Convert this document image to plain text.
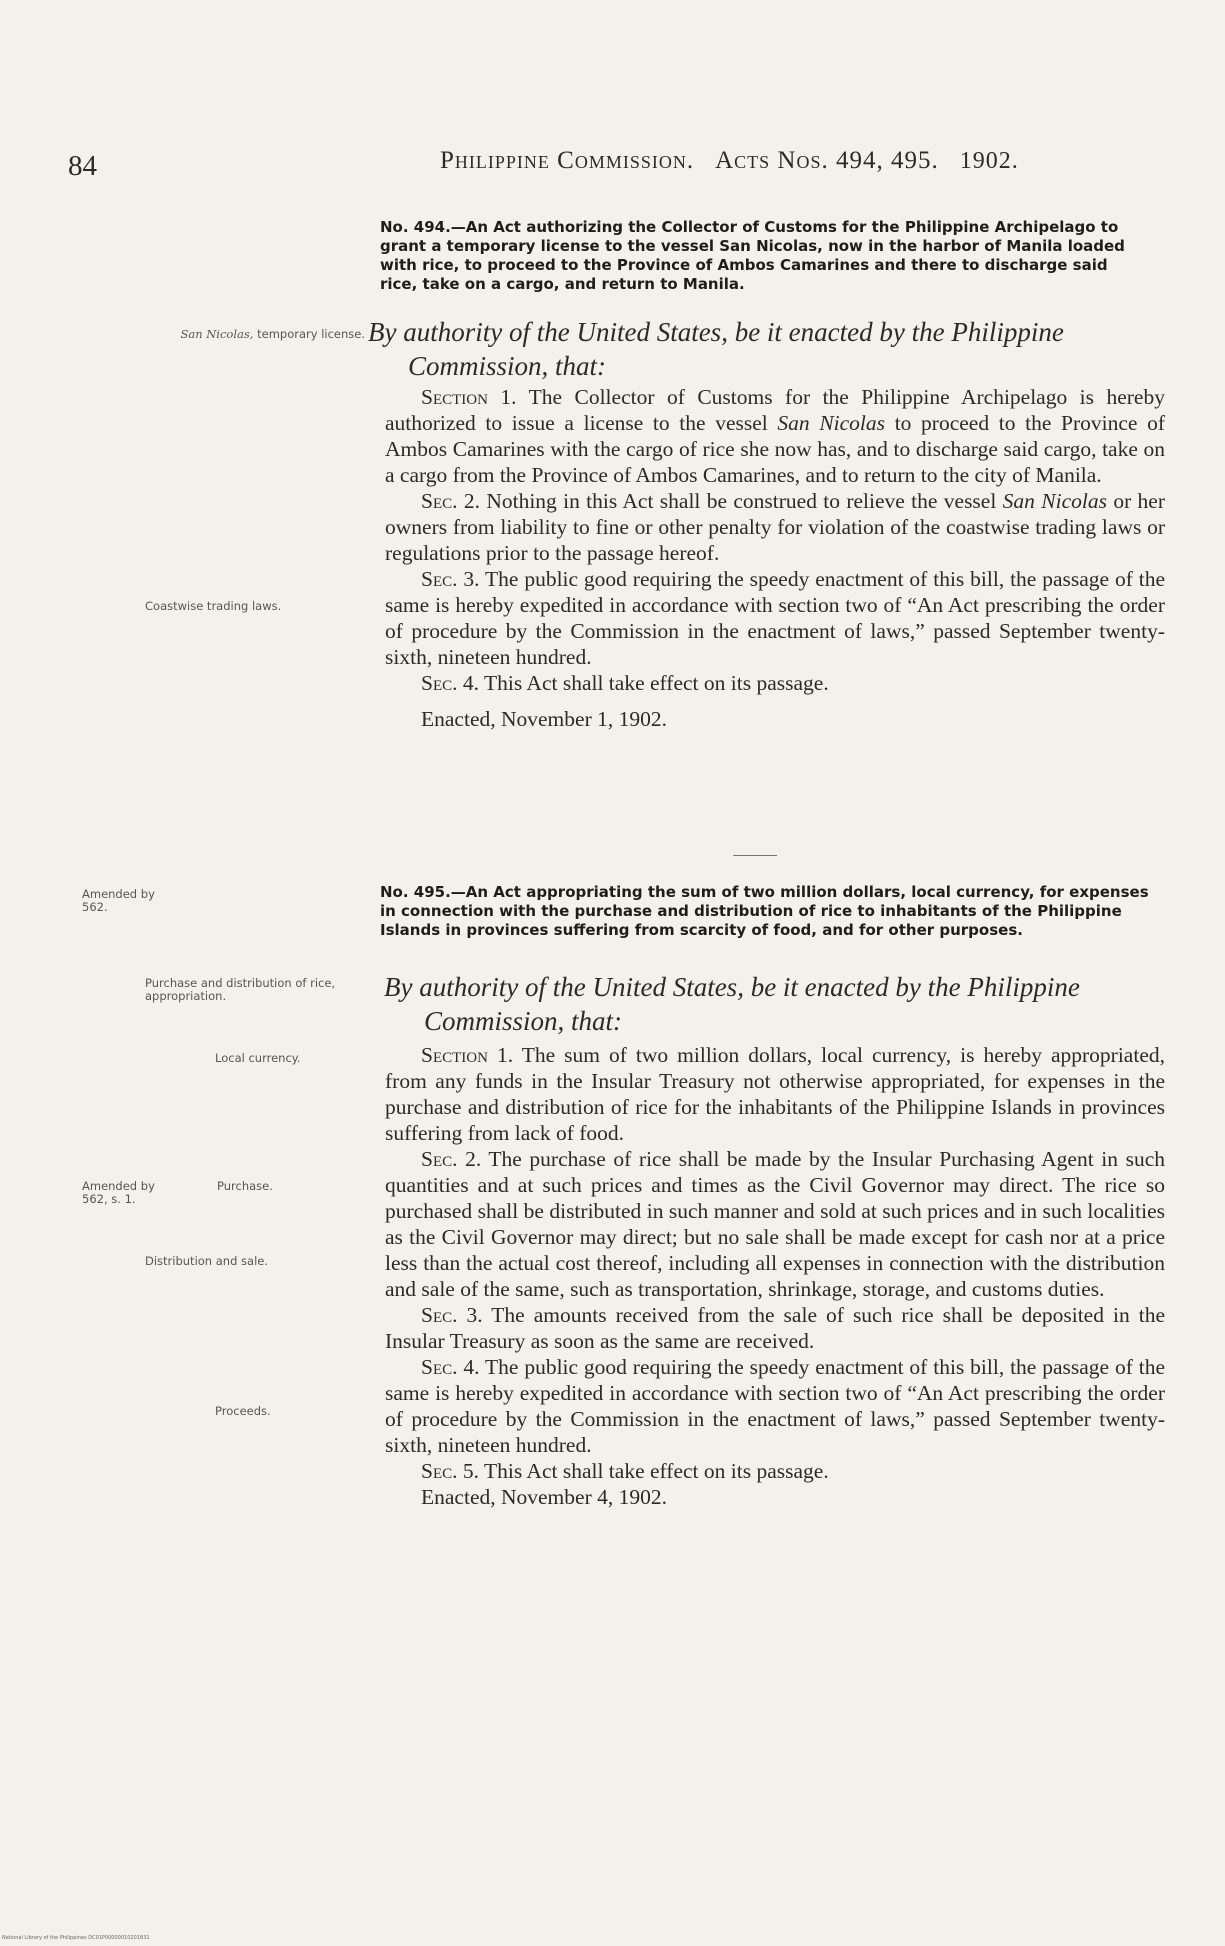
84	Philippine Commission. Acts Nos. 494, 495. 1902.
No. 494.—An Act authorizing the Collector of Customs for the Philippine Archipelago to grant a temporary license to the vessel San Nicolas, now in the harbor of Manila loaded with rice, to proceed to the Province of Ambos Camarines and there to discharge said rice, take on a cargo, and return to Manila.
San Nicolas, temporary license. By authority of the United States, be it enacted by the Philippine
Commission, that:

Section 1. The Collector of Customs for the Philippine Archipelago is hereby authorized to issue a license to the vessel San Nicolas to proceed to the Province of Ambos Camarines with the cargo of rice she now has, and to discharge said cargo, take on a cargo from the Province of Ambos Camarines, and to return to the city of Manila.

Sec. 2. Nothing in this Act shall be construed to relieve the vessel San Nicolas or her owners from liability to fine or other penalty for violation of the coastwise trading laws or regulations prior to the passage hereof.

Sec. 3. The public good requiring the speedy enactment of this bill, the passage of the same is hereby expedited in accordance with section two of “An Act prescribing the order of procedure by the Commission in the enactment of laws,” passed September twenty-sixth, nineteen hundred.

Sec. 4. This Act shall take effect on its passage.

Enacted, November 1, 1902.

Coastwise trading laws.
Amended by 562.
No. 495.—An Act appropriating the sum of two million dollars, local currency, for expenses in connection with the purchase and distribution of rice to inhabitants of the Philippine Islands in provinces suffering from scarcity of food, and for other purposes.
Purchase and distribution of rice, appropriation.	By authority of the United States, be it enacted by the Philippine
Commission, that:
Local currency.	Section 1. The sum of two million dollars, local currency, is hereby appropriated, from any funds in the Insular Treasury not otherwise appropriated, for expenses in the purchase and distribution of rice for the inhabitants of the Philippine Islands in provinces suffering from lack of food.

Sec. 2. The purchase of rice shall be made by the Insular Purchasing Agent in such quantities and at such prices and times as the Civil Governor may direct. The rice so purchased shall be distributed in such manner and sold at such prices and in such localities as the Civil Governor may direct; but no sale shall be made except for cash nor at a price less than the actual cost thereof, including all expenses in connection with the distribution and sale of the same, such as transportation, shrinkage, storage, and customs duties.

Sec. 3. The amounts received from the sale of such rice shall be deposited in the Insular Treasury as soon as the same are received.

Sec. 4. The public good requiring the speedy enactment of this bill, the passage of the same is hereby expedited in accordance with section two of “An Act prescribing the order of procedure by the Commission in the enactment of laws,” passed September twenty-sixth, nineteen hundred.

Sec. 5. This Act shall take effect on its passage.

Enacted, November 4, 1902.

Amended by 562, s. 1.
Purchase.
Distribution and sale.
Proceeds.
National Library of the Philippines DC01P00000010201B31
